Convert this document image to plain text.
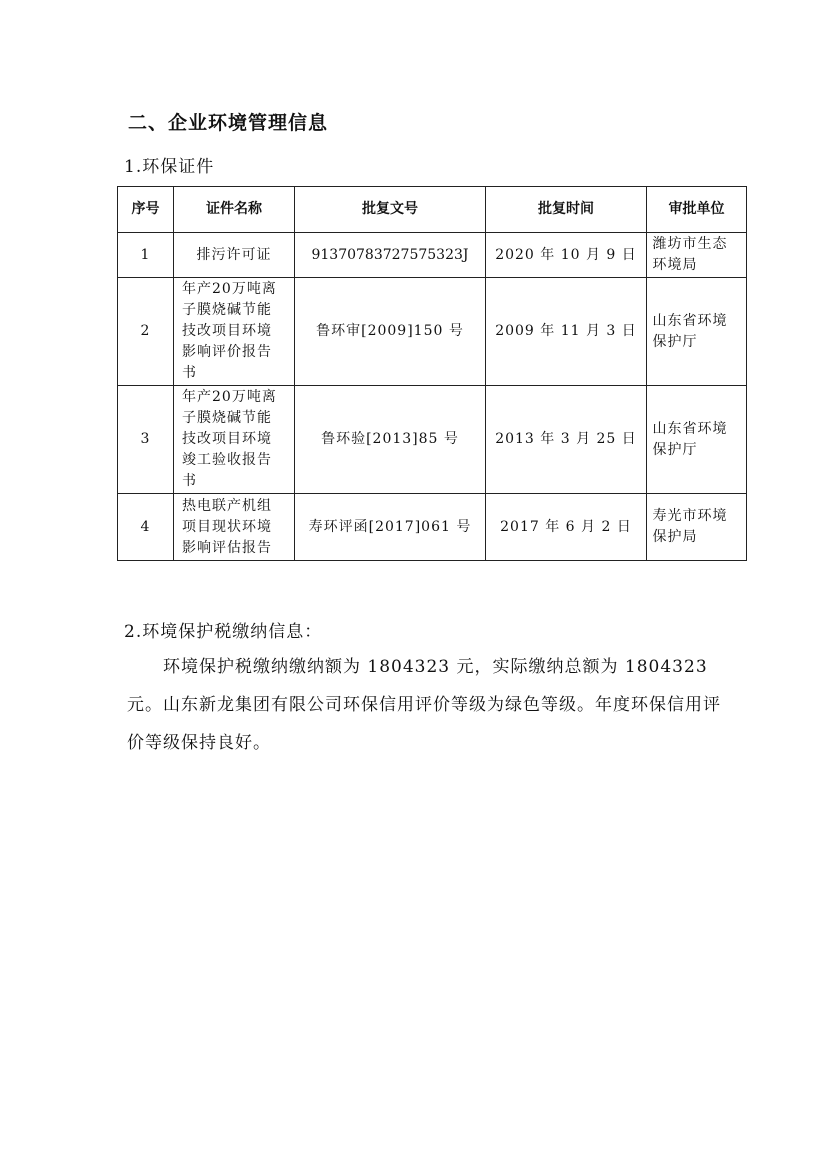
二、企业环境管理信息
1.环保证件
序号	证件名称	批复文号	批复时间	审批单位
1	排污许可证	91370783727575323J	2020 年 10 月 9 日	潍坊市生态环境局
2	年产20万吨离子膜烧碱节能技改项目环境影响评价报告书	鲁环审[2009]150 号	2009 年 11 月 3 日	山东省环境保护厅
3	年产20万吨离子膜烧碱节能技改项目环境竣工验收报告书	鲁环验[2013]85 号	2013 年 3 月 25 日	山东省环境保护厅
4	热电联产机组项目现状环境影响评估报告	寿环评函[2017]061 号	2017 年 6 月 2 日	寿光市环境保护局
2.环境保护税缴纳信息：

环境保护税缴纳缴纳额为 1804323 元，实际缴纳总额为 1804323 元。山东新龙集团有限公司环保信用评价等级为绿色等级。年度环保信用评价等级保持良好。
